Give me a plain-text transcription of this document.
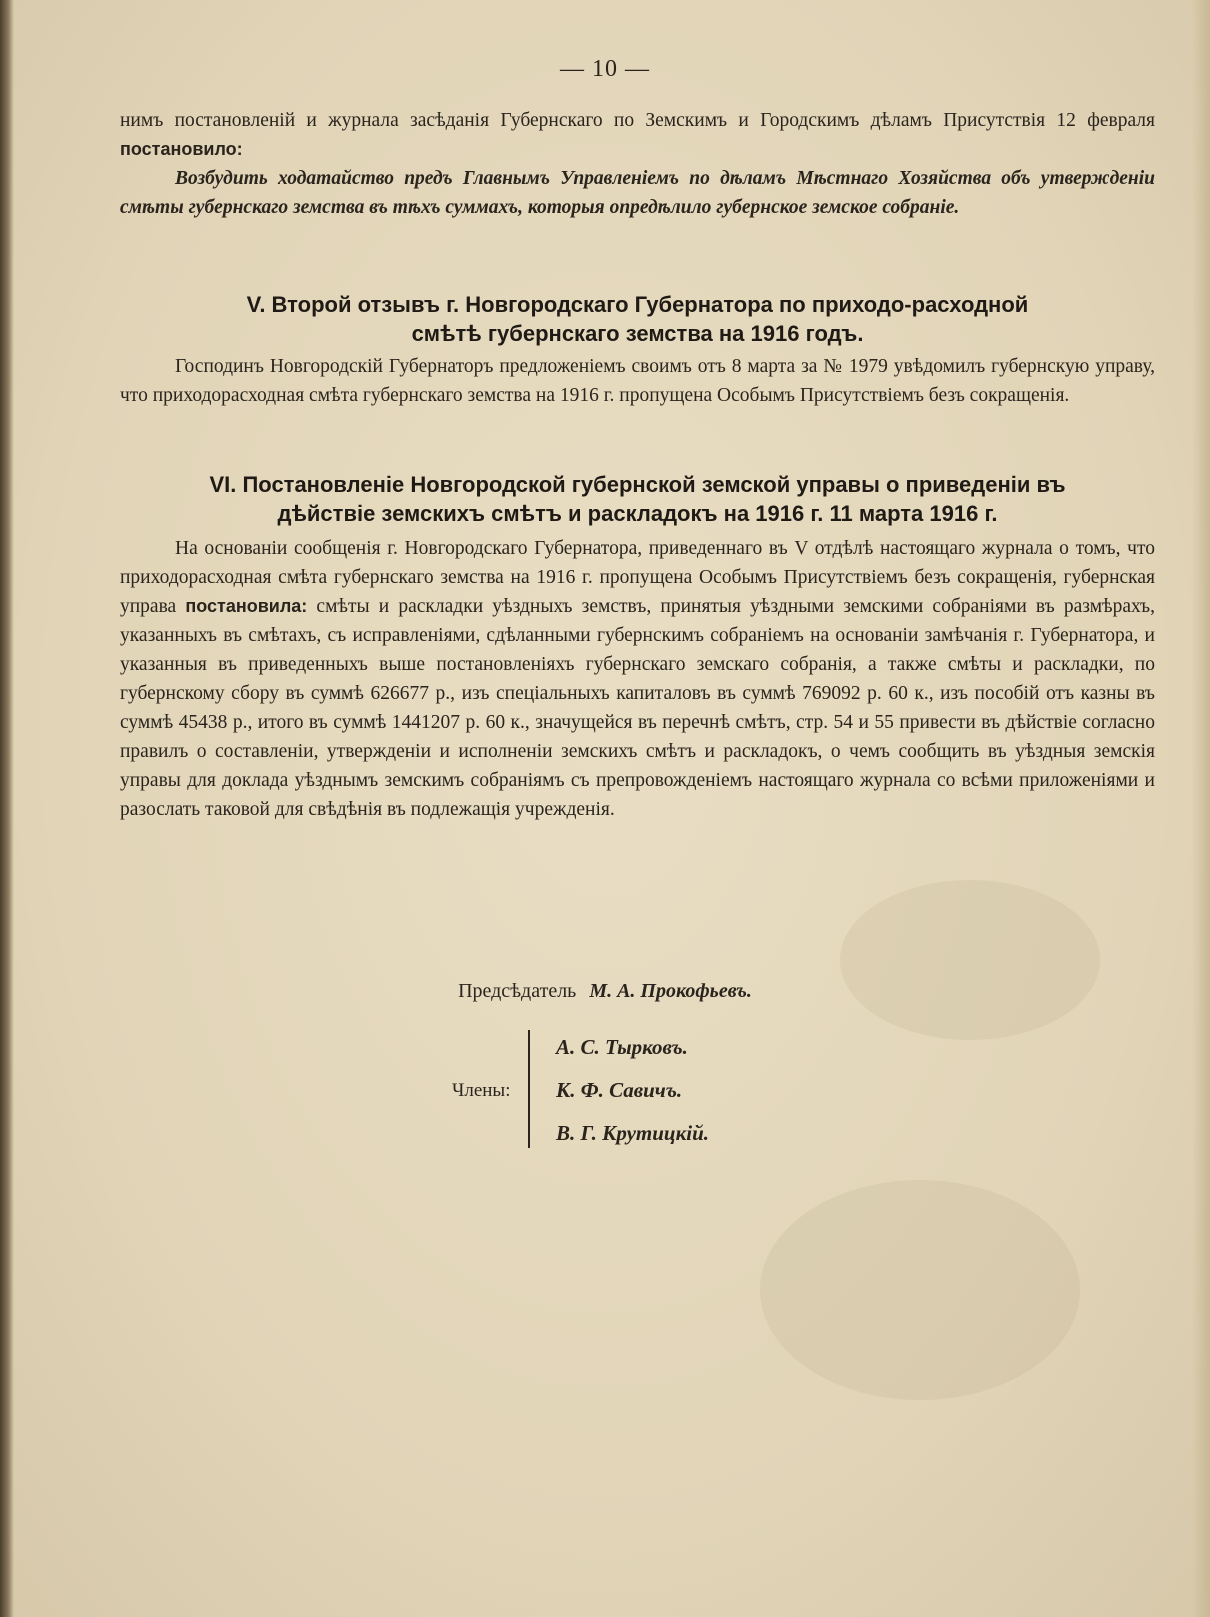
— 10 —

нимъ постановленій и журнала засѣданія Губернскаго по Земскимъ и Городскимъ дѣламъ Присутствія 12 февраля постановило:

Возбудить ходатайство предъ Главнымъ Управленіемъ по дѣламъ Мѣстнаго Хозяйства объ утвержденіи смѣты губернскаго земства въ тѣхъ суммахъ, которыя опредѣлило губернское земское собраніе.

V. Второй отзывъ г. Новгородскаго Губернатора по приходо-расходной
смѣтѣ губернскаго земства на 1916 годъ.

Господинъ Новгородскій Губернаторъ предложеніемъ своимъ отъ 8 марта за № 1979 увѣдомилъ губернскую управу, что приходорасходная смѣта губернскаго земства на 1916 г. пропущена Особымъ Присутствіемъ безъ сокращенія.

VI. Постановленіе Новгородской губернской земской управы о приведеніи въ
дѣйствіе земскихъ смѣтъ и раскладокъ на 1916 г. 11 марта 1916 г.

На основаніи сообщенія г. Новгородскаго Губернатора, приведеннаго въ V отдѣлѣ настоящаго журнала о томъ, что приходорасходная смѣта губернскаго земства на 1916 г. пропущена Особымъ Присутствіемъ безъ сокращенія, губернская управа постановила: смѣты и раскладки уѣздныхъ земствъ, принятыя уѣздными земскими собраніями въ размѣрахъ, указанныхъ въ смѣтахъ, съ исправленіями, сдѣланными губернскимъ собраніемъ на основаніи замѣчанія г. Губернатора, и указанныя въ приведенныхъ выше постановленіяхъ губернскаго земскаго собранія, а также смѣты и раскладки, по губернскому сбору въ суммѣ 626677 р., изъ спеціальныхъ капиталовъ въ суммѣ 769092 р. 60 к., изъ пособій отъ казны въ суммѣ 45438 р., итого въ суммѣ 1441207 р. 60 к., значущейся въ перечнѣ смѣтъ, стр. 54 и 55 привести въ дѣйствіе согласно правилъ о составленіи, утвержденіи и исполненіи земскихъ смѣтъ и раскладокъ, о чемъ сообщить въ уѣздныя земскія управы для доклада уѣзднымъ земскимъ собраніямъ съ препровожденіемъ настоящаго журнала со всѣми приложеніями и разослать таковой для свѣдѣнія въ подлежащія учрежденія.

Предсѣдатель М. А. Прокофьевъ.
Члены:
А. С. Тырковъ.
К. Ф. Савичъ.
В. Г. Крутицкій.
